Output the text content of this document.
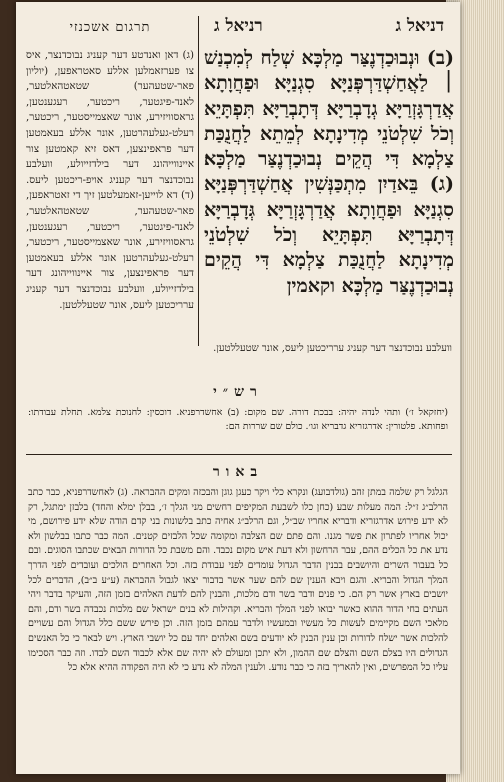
תרגום אשכנזי
(ג) דאן ואנדטע דער קעניג נבוכדנצר, איס צו פערזאמלען אללע סאטראפען, (יוליון פאר-שטעהער) שטאטהאלטער, לאנד-פיגטער, ריכטער, רעגענטען, גראסוויזירע, אונר שאצמייסטער, ריכטער, רעלט-געלעהרטען, אונר אללע בעאמטען דער פראפינצען, דאס זיא קאמטען צור איינווייהונג דער בילדזייולע, וועלבע נבוכדנצר דער קעניג אויפ-ריכטען ליעס. (ד) דא לוייען-זאמעלטען זיך די זאטראפען, פאר-שטעהער, שטאטהאלטער, לאנד-פיגטער, ריכטער, רעגענטען, גראסוויזירע, אונר שאצמייסטער, ריכטער, רעלט-געלעהרטען אונר אללע בעאמטען דער פראפינצען, צור איינווייהונג דער בילדזייולע, וועלבע נבוכדנצר דער קעניג ערריכטען ליעס, אונר שטעללטען.
דניאל ג
רניאל ג
(ב) וּנְבוּכַדְנֶצַּר מַלְכָּא שְׁלַח לְמִכְנַשׁ ׀ לַאֲחַשְׁדַּרְפְּנַיָּא סִגְנַיָּא וּפַחֲוָתָא אֲדַרְגָּזְרַיָּא גְדָבְרַיָּא דְּתָבְרַיָּא תִּפְתָּיֵא וְכֹל שִׁלְטֹנֵי מְדִינָתָא לְמֵתֵא לַחֲנֻכַּת צַלְמָא דִּי הֲקֵים נְבוּכַדְנֶצַּר מַלְכָּא׃ (ג) בֵּאדַיִן מִתְכַּנְּשִׁין אֲחַשְׁדַּרְפְּנַיָּא סִגְנַיָּא וּפַחֲוָתָא אֲדַרְגָּזְרַיָּא גְּדָבְרַיָּא דְּתָבְרַיָּא תִּפְתָּיֵא וְכֹל שִׁלְטֹנֵי מְדִינָתָא לַחֲנֻכַּת צַלְמָא דִּי הֲקֵים נְבוּכַדְנֶצַּר מַלְכָּא וקאמין
וועלבע נבוכדנצר דער קעניג ערריכטען ליעס, אונר שטעללטען.
רש״י
(יחזקאל ז׳) ותהי לנדה יהיה: בבכת דורה. שם מקום: (ב) אחשדרפניא. דוכסין: לחנוכת צלמא. תחלת עבודתו: ופחותא. פלטורין: אדרגזריא גדבריא וגו׳. כולם שם שררות הם:
באור
הגלגל רק שלמה במתן זהב (גולדבועג) ונקרא כלי ויקר כעגן גוגן והבכזה ומקים ההבראה. (ג) לאחשדרפניא, כבר כתב הרלב״ג ז״ל: המה מעלות שבע (כחן כלו לשבעת המקיפים רחשים מני הגלך ז׳, בבלן ימלא והחד) בלבזן ימתגל, רק לא ידע פירוש אדרגזריא ודבריא אחריו שב״ל, וגם הרלב״ג אחיה כתב בלשונות בני קדם הודה שלא ידע פירושם, מי יכול אחריו לפתרון את פשר מגנו. והם פתם שם הצלבה ומקומה שכל הלבזים קטנים. המה כבר כתבו בבלשון ולא נדע את כל הכלים ההם, עבר הרחשון ולא דעת איש מקום נכבד. והם משבת כל הדורות הבאים שכתבו הסוגים. ובם כל בעבור השרים והיושבים בבנין הדבר הגדול עומדים לפני עבודת בזה. וכל האחרים הולכים ועובדים לפני הדרך המלך הגדול והבריא. והגם ויבא הענין שם להם שער אשר בדבור יצאו לגבול ההבראה (ע״ע ב״ב), הדברים לכל יושבים בארץ אשר רק הם. כי פנים ודבר בשר ודם מלכות, והבנין להם לדעת האלהים בזמן הזה, והעיקר בדבר ויהי העתים בחי הדור ההוא כאשר יבואו לפני המלך והבריא. וקהילות לא בנים ישראל שם מלכות נכבדה בשר ודם, והם מלאכי השם מקיימים לעשות כל מעשיו ובמעשיו ולדבר עמהם בזמן הזה. וכן פירש ששם כלל הגדול והם עשויים להלכות אשר ישלח לדורות וכן ענין הבנין לא יודעים בשם ואלהים יחד עם כל יושבי הארץ. ויש לבאר כי כל האנשים הגדולים היו בצלם השם והצלם שם ההמון, ולא יתכן ומעולם לא יהיה שם אלא לכבוד השם לבדו. וזה כבר הסכימו עליו כל המפרשים, ואין להאריך בזה כי כבר נודע. ולענין המלה לא נדע כי לא היה הפקודה ההיא אלא כל
